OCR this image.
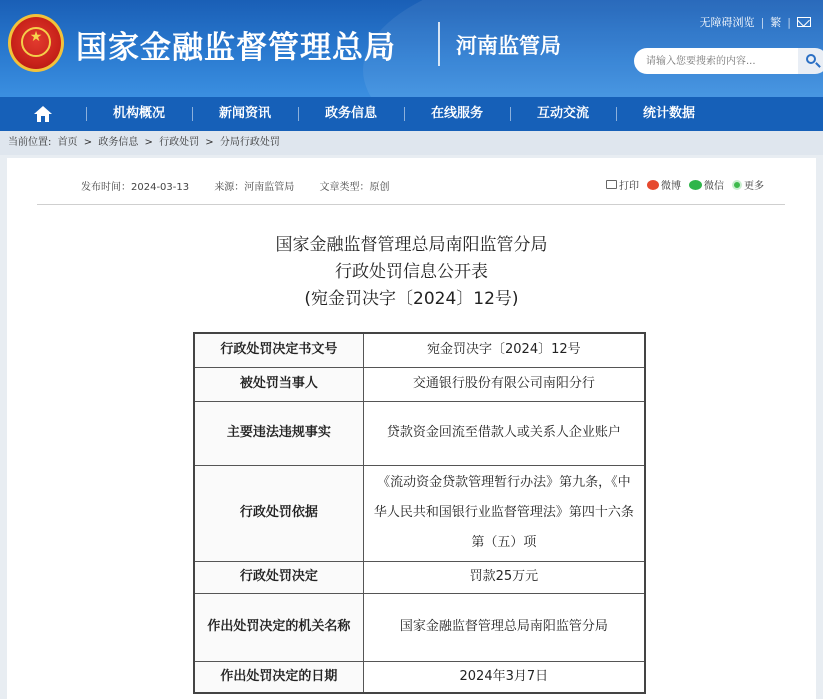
★	国家金融监督管理总局	河南监管局
无障碍浏览 | 繁 |
请输入您要搜索的内容...
机构概况	新闻资讯	政务信息	在线服务	互动交流	统计数据
当前位置: 首页 > 政务信息 > 行政处罚 > 分局行政处罚
发布时间：2024-03-13	来源：河南监管局	文章类型：原创	打印 微博 微信 更多
国家金融监督管理总局南阳监管分局
行政处罚信息公开表
(宛金罚决字〔2024〕12号)
行政处罚决定书文号	宛金罚决字〔2024〕12号
被处罚当事人	交通银行股份有限公司南阳分行
主要违法违规事实	贷款资金回流至借款人或关系人企业账户
行政处罚依据	《流动资金贷款管理暂行办法》第九条，《中华人民共和国银行业监督管理法》第四十六条第（五）项
行政处罚决定	罚款25万元
作出处罚决定的机关名称	国家金融监督管理总局南阳监管分局
作出处罚决定的日期	2024年3月7日
